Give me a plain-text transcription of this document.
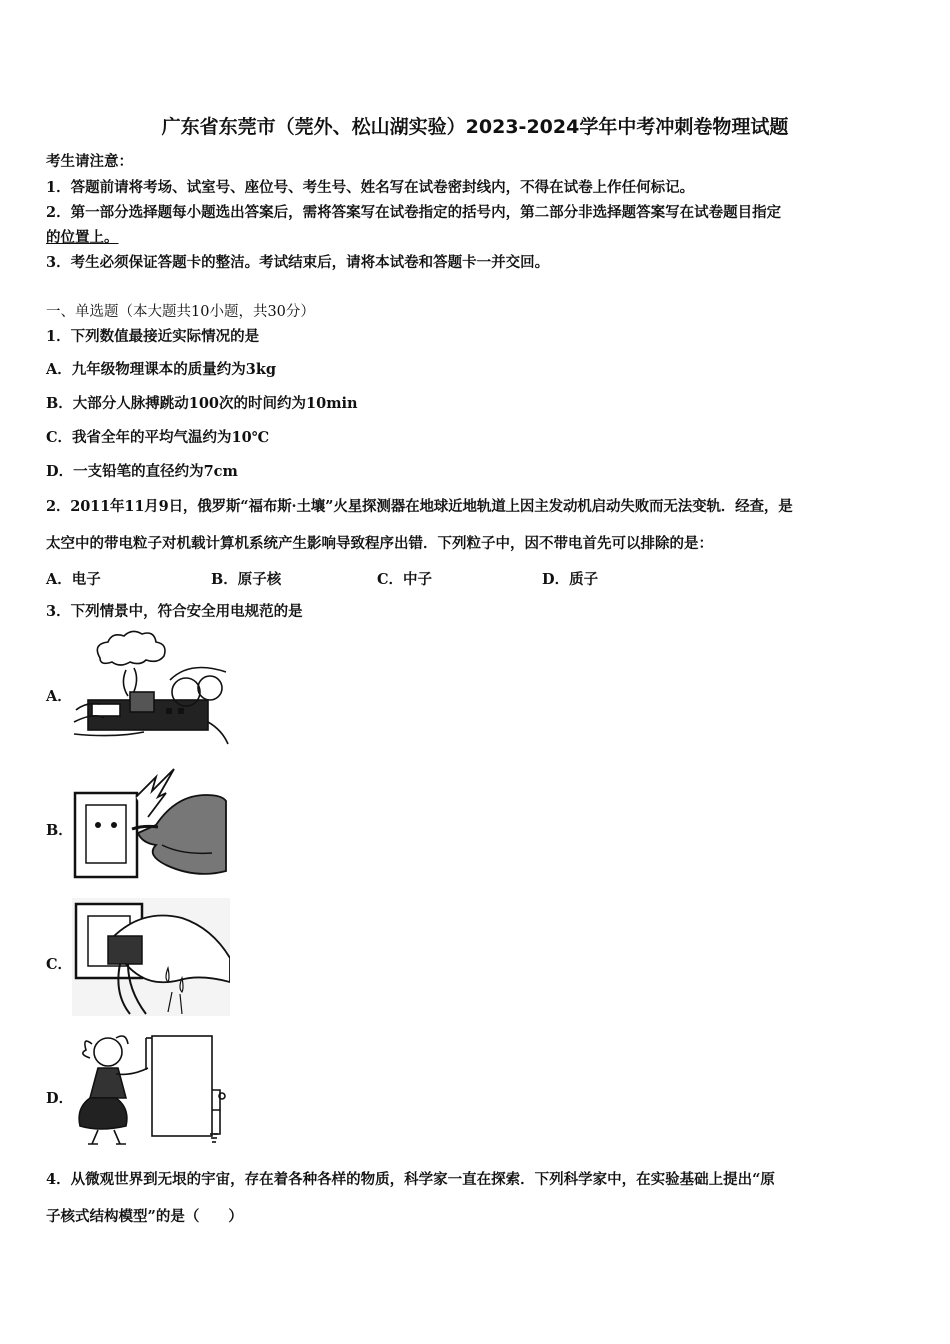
广东省东莞市（莞外、松山湖实验）2023-2024学年中考冲刺卷物理试题
考生请注意：
1．答题前请将考场、试室号、座位号、考生号、姓名写在试卷密封线内，不得在试卷上作任何标记。
2．第一部分选择题每小题选出答案后，需将答案写在试卷指定的括号内，第二部分非选择题答案写在试卷题目指定
的位置上。
3．考生必须保证答题卡的整洁。考试结束后，请将本试卷和答题卡一并交回。
一、单选题（本大题共10小题，共30分）
1．下列数值最接近实际情况的是
A．九年级物理课本的质量约为3kg
B．大部分人脉搏跳动100次的时间约为10min
C．我省全年的平均气温约为10℃
D．一支铅笔的直径约为7cm
2．2011年11月9日，俄罗斯“福布斯·土壤”火星探测器在地球近地轨道上因主发动机启动失败而无法变轨．经查，是
太空中的带电粒子对机载计算机系统产生影响导致程序出错．下列粒子中，因不带电首先可以排除的是：
A．电子	B．原子核	C．中子	D．质子
3．下列情景中，符合安全用电规范的是
A．
B．
C．
D．
4．从微观世界到无垠的宇宙，存在着各种各样的物质，科学家一直在探索．下列科学家中，在实验基础上提出“原
子核式结构模型”的是（　　）
